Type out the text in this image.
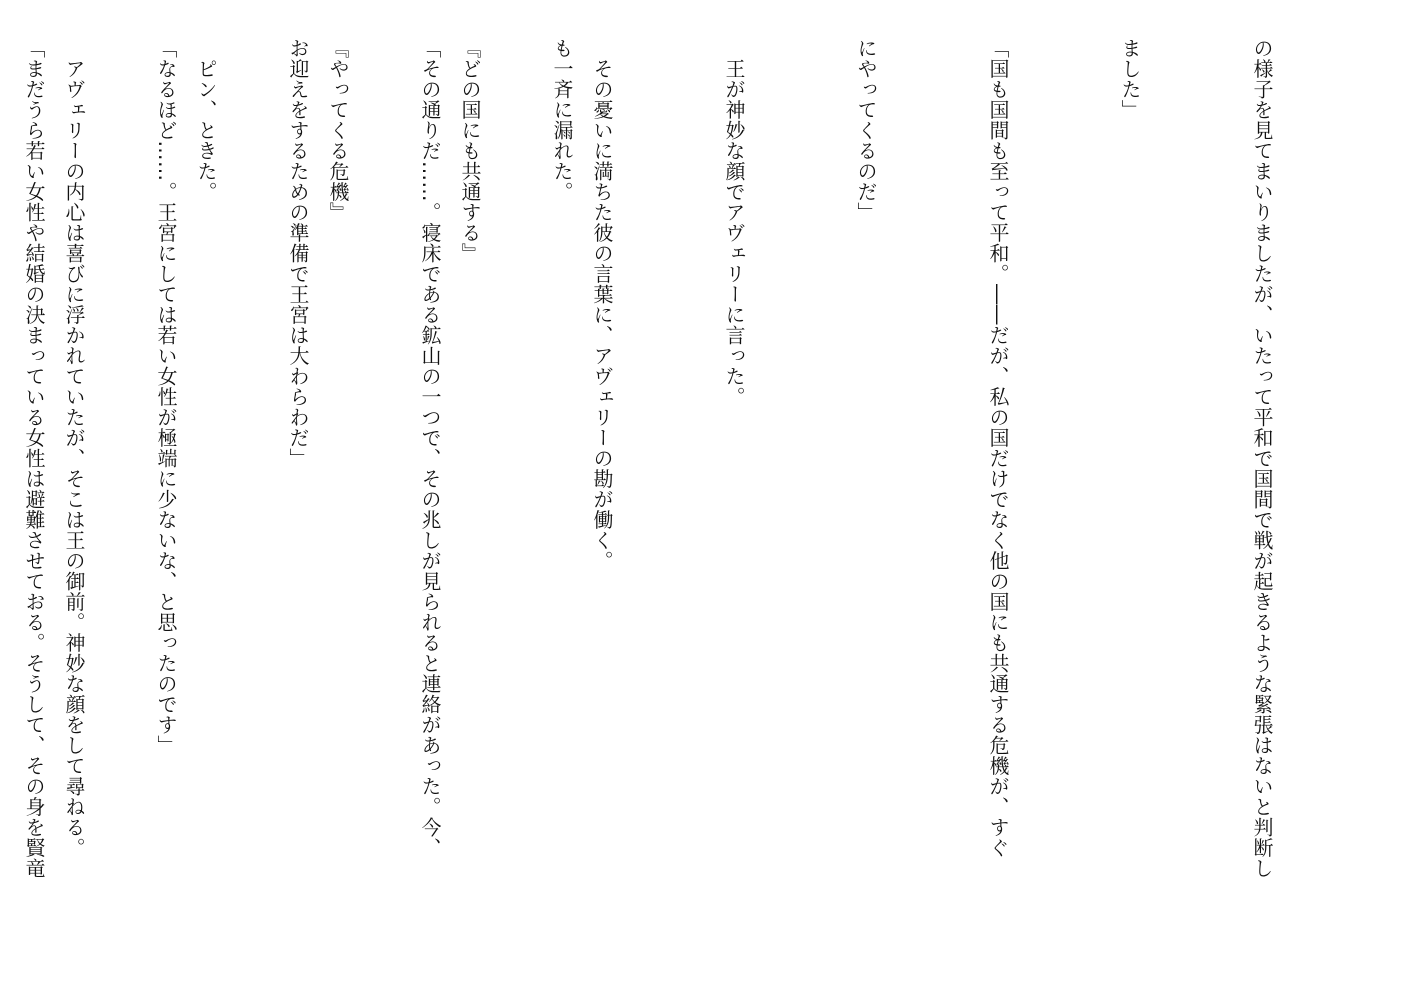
の様子を見てまいりましたが、いたって平和で国間で戦が起きるような緊張はないと判断し

ました」

「国も国間も至って平和。――だが、私の国だけでなく他の国にも共通する危機が、すぐ

にやってくるのだ」

　王が神妙な顔でアヴェリーに言った。

　その憂いに満ちた彼の言葉に、アヴェリーの勘が働く。

『どの国にも共通する』

『やってくる危機』

　ピン、ときた。

　アヴェリーの内心は喜びに浮かれていたが、そこは王の御前。神妙な顔をして尋ねる。

	も一斉に漏れた。

「その通りだ……。寝床である鉱山の一つで、その兆しが見られると連絡があった。今、

お迎えをするための準備で王宮は大わらわだ」

「なるほど……。王宮にしては若い女性が極端に少ないな、と思ったのです」

「まだうら若い女性や結婚の決まっている女性は避難させておる。そうして、その身を賢竜
